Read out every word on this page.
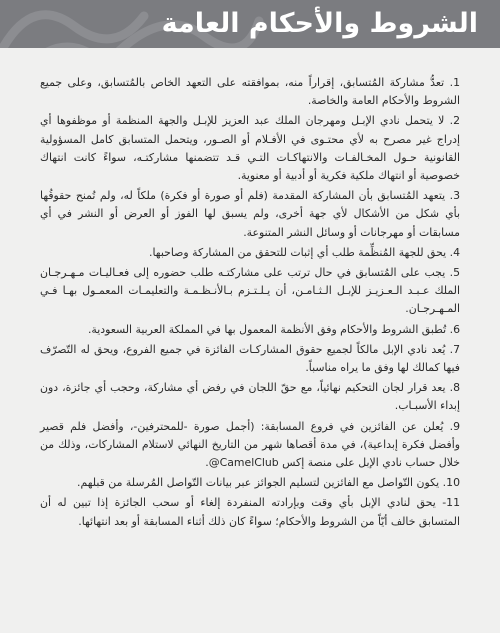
الشروط والأحكام العامة
1. تعدُّ مشاركة المُتسابق، إقراراً منه، بموافقته على التعهد الخاص بالمُتسابق، وعلى جميع الشروط والأحكام العامة والخاصة.
2. لا يتحمل نادي الإبـل ومهرجان الملك عبد العزيز للإبـل والجهة المنظمة أو موظفوها أي إدراج غير مصرح به لأي محتـوى في الأفـلام أو الصـور، ويتحمل المتسابق كامل المسؤولية القانونية حـول المخـالفـات والانتهاكـات التـي قـد تتضمنها مشاركتـه، سواءً كانت انتهاك خصوصية أو انتهاك ملكية فكرية أو أدبية أو معنوية.
3. يتعهد المُتسابق بأن المشاركة المقدمة (فلم أو صورة أو فكرة) ملكاً له، ولم تُمنح حقوقُها بأي شكل من الأشكال لأي جهة أخرى، ولم يسبق لها الفوز أو العرض أو النشر في أي مسابقات أو مهرجانات أو وسائل النشر المتنوعة.
4. يحق للجهة المُنظِّمة طلب أي إثبات للتحقق من المشاركة وصاحبها.
5. يجب على المُتسابق في حال ترتب على مشاركتـه طلب حضوره إلى فعـاليـات مـهـرجـان الملك عـبـد الـعـزيـز للإبـل الـثـامـن، أن يـلـتـزم بـالأنـظـمـة والتعليمـات المعمـول بهـا فـي المـهـرجـان.
6. تُطبق الشروط والأحكام وفق الأنظمة المعمول بها في المملكة العربية السعودية.
7. يُعد نادي الإبل مالكاً لجميع حقوق المشاركـات الفائزة في جميع الفروع، ويحق له التّصرّف فيها كمالك لها وفق ما يراه مناسباً.
8. يعد قرار لجان التحكيم نهائياً، مع حقّ اللجان في رفض أي مشاركة، وحجب أي جائزة، دون إبداء الأسبـاب.
9. يُعلن عن الفائزين في فروع المسابقة: (أجمل صورة -للمحترفين-، وأفضل فلم قصير وأفضل فكرة إبداعية)، في مدة أقصاها شهر من التاريخ النهائي لاستلام المشاركات، وذلك من خلال حساب نادي الإبل على منصة إكس CamelClub@.
10. يكون التّواصل مع الفائزين لتسليم الجوائز عبر بيانات التّواصل المُرسلة من قبلهم.
11- يحق لنادي الإبل بأي وقت وبإرادته المنفردة إلغاء أو سحب الجائزة إذا تبين له أن المتسابق خالف أيّاً من الشروط والأحكام؛ سواءً كان ذلك أثناء المسابقة أو بعد انتهائها.
